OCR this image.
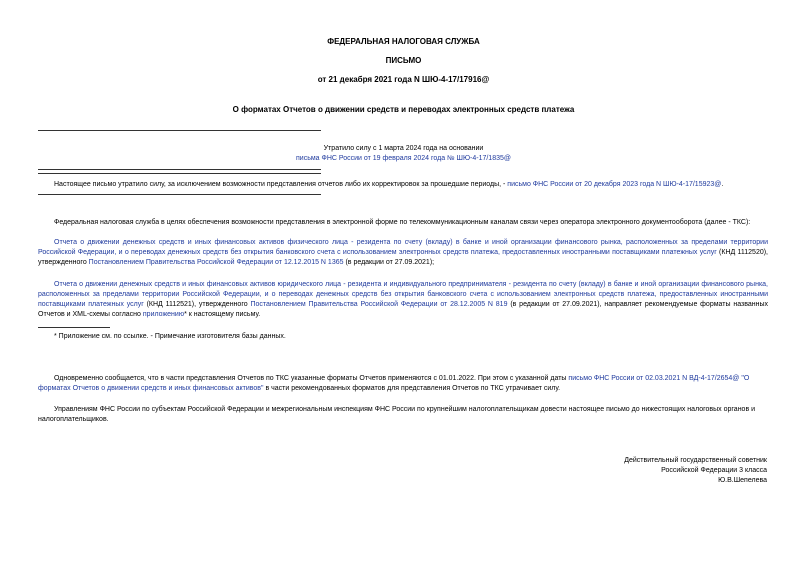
ФЕДЕРАЛЬНАЯ НАЛОГОВАЯ СЛУЖБА
ПИСЬМО
от 21 декабря 2021 года N ШЮ-4-17/17916@
О форматах Отчетов о движении средств и переводах электронных средств платежа
Утратило силу с 1 марта 2024 года на основании
письма ФНС России от 19 февраля 2024 года № ШЮ-4-17/1835@
Настоящее письмо утратило силу, за исключением возможности представления отчетов либо их корректировок за прошедшие периоды, - письмо ФНС России от 20 декабря 2023 года N ШЮ-4-17/15923@.

Федеральная налоговая служба в целях обеспечения возможности представления в электронной форме по телекоммуникационным каналам связи через оператора электронного документооборота (далее - ТКС):

Отчета о движении денежных средств и иных финансовых активов физического лица - резидента по счету (вкладу) в банке и иной организации финансового рынка, расположенных за пределами территории Российской Федерации, и о переводах денежных средств без открытия банковского счета с использованием электронных средств платежа, предоставленных иностранными поставщиками платежных услуг (КНД 1112520), утвержденного Постановлением Правительства Российской Федерации от 12.12.2015 N 1365 (в редакции от 27.09.2021);

Отчета о движении денежных средств и иных финансовых активов юридического лица - резидента и индивидуального предпринимателя - резидента по счету (вкладу) в банке и иной организации финансового рынка, расположенных за пределами территории Российской Федерации, и о переводах денежных средств без открытия банковского счета с использованием электронных средств платежа, предоставленных иностранными поставщиками платежных услуг (КНД 1112521), утвержденного Постановлением Правительства Российской Федерации от 28.12.2005 N 819 (в редакции от 27.09.2021), направляет рекомендуемые форматы названных Отчетов и XML-схемы согласно приложению* к настоящему письму.

* Приложение см. по ссылке. - Примечание изготовителя базы данных.

Одновременно сообщается, что в части представления Отчетов по ТКС указанные форматы Отчетов применяются с 01.01.2022. При этом с указанной даты письмо ФНС России от 02.03.2021 N ВД-4-17/2654@ "О форматах Отчетов о движении средств и иных финансовых активов" в части рекомендованных форматов для представления Отчетов по ТКС утрачивает силу.

Управлениям ФНС России по субъектам Российской Федерации и межрегиональным инспекциям ФНС России по крупнейшим налогоплательщикам довести настоящее письмо до нижестоящих налоговых органов и налогоплательщиков.

Действительный государственный советник
Российской Федерации 3 класса
Ю.В.Шепелева
